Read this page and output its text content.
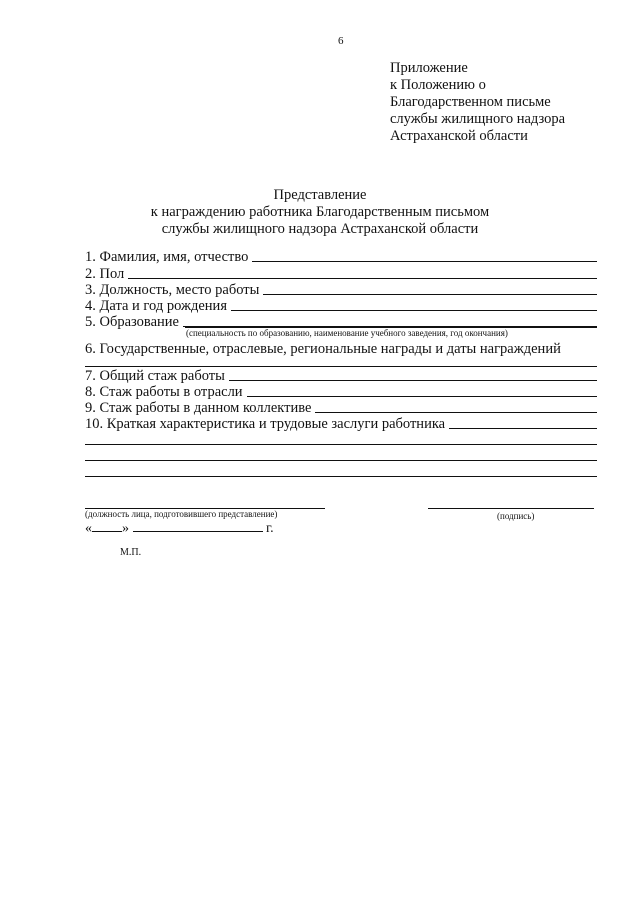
6
Приложение
к Положению о
Благодарственном письме
службы жилищного надзора
Астраханской области
Представление
к награждению работника Благодарственным письмом
службы жилищного надзора Астраханской области
1. Фамилия, имя, отчество
2. Пол
3. Должность, место работы
4. Дата и год рождения
5. Образование
(специальность по образованию, наименование учебного заведения, год окончания)
6. Государственные, отраслевые, региональные награды и даты награждений
7. Общий стаж работы
8. Стаж работы в отрасли
9. Стаж работы в данном коллективе
10. Краткая характеристика и трудовые заслуги работника
(должность лица, подготовившего представление)	(подпись)
« »	г.
М.П.
